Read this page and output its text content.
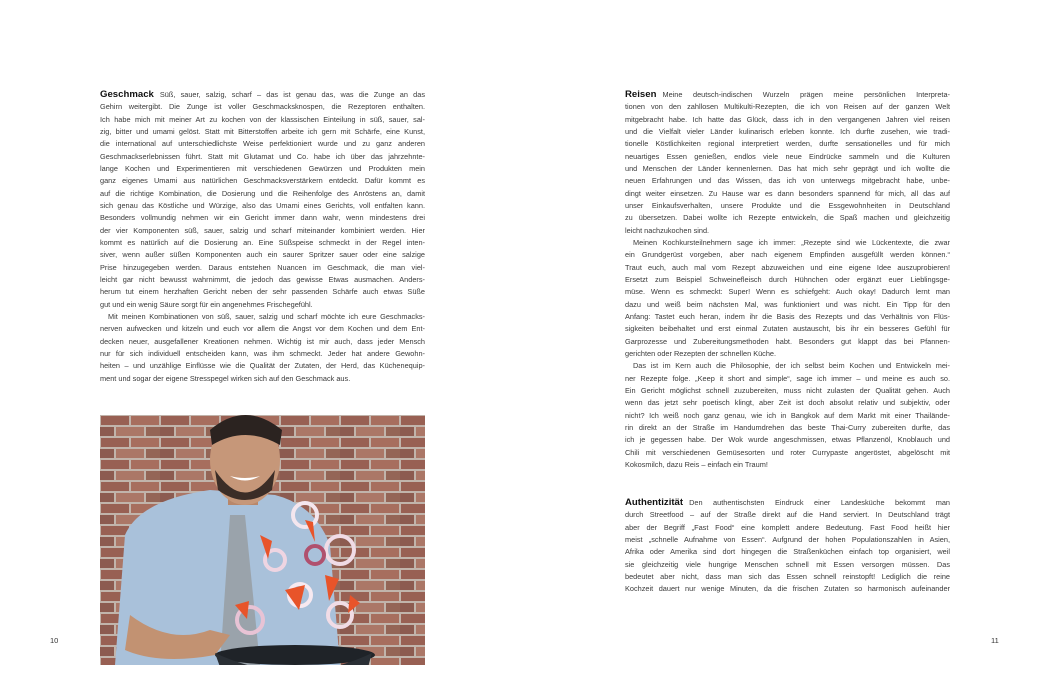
Geschmack Süß, sauer, salzig, scharf – das ist genau das, was die Zunge an das
Gehirn weitergibt. Die Zunge ist voller Geschmacksknospen, die Rezeptoren enthalten.
Ich habe mich mit meiner Art zu kochen von der klassischen Einteilung in süß, sauer, sal-
zig, bitter und umami gelöst. Statt mit Bitterstoffen arbeite ich gern mit Schärfe, eine Kunst,
die international auf unterschiedlichste Weise perfektioniert wurde und zu ganz anderen
Geschmackserlebnissen führt. Statt mit Glutamat und Co. habe ich über das jahrzehnte-
lange Kochen und Experimentieren mit verschiedenen Gewürzen und Produkten mein
ganz eigenes Umami aus natürlichen Geschmacksverstärkern entdeckt. Dafür kommt es
auf die richtige Kombination, die Dosierung und die Reihenfolge des Anröstens an, damit
sich genau das Köstliche und Würzige, also das Umami eines Gerichts, voll entfalten kann.
Besonders vollmundig nehmen wir ein Gericht immer dann wahr, wenn mindestens drei
der vier Komponenten süß, sauer, salzig und scharf miteinander kombiniert werden. Hier
kommt es natürlich auf die Dosierung an. Eine Süßspeise schmeckt in der Regel inten-
siver, wenn außer süßen Komponenten auch ein saurer Spritzer sauer oder eine salzige
Prise hinzugegeben werden. Daraus entstehen Nuancen im Geschmack, die man viel-
leicht gar nicht bewusst wahrnimmt, die jedoch das gewisse Etwas ausmachen. Anders-
herum tut einem herzhaften Gericht neben der sehr passenden Schärfe auch etwas Süße
gut und ein wenig Säure sorgt für ein angenehmes Frischegefühl.
Mit meinen Kombinationen von süß, sauer, salzig und scharf möchte ich eure Geschmacks-
nerven aufwecken und kitzeln und euch vor allem die Angst vor dem Kochen und dem Ent-
decken neuer, ausgefallener Kreationen nehmen. Wichtig ist mir auch, dass jeder Mensch
nur für sich individuell entscheiden kann, was ihm schmeckt. Jeder hat andere Gewohn-
heiten – und unzählige Einflüsse wie die Qualität der Zutaten, der Herd, das Küchenequip-
ment und sogar der eigene Stresspegel wirken sich auf den Geschmack aus.
Reisen Meine deutsch-indischen Wurzeln prägen meine persönlichen Interpreta-
tionen von den zahllosen Multikulti-Rezepten, die ich von Reisen auf der ganzen Welt
mitgebracht habe. Ich hatte das Glück, dass ich in den vergangenen Jahren viel reisen
und die Vielfalt vieler Länder kulinarisch erleben konnte. Ich durfte zusehen, wie tradi-
tionelle Köstlichkeiten regional interpretiert werden, durfte sensationelles und für mich
neuartiges Essen genießen, endlos viele neue Eindrücke sammeln und die Kulturen
und Menschen der Länder kennenlernen. Das hat mich sehr geprägt und ich wollte die
neuen Erfahrungen und das Wissen, das ich von unterwegs mitgebracht habe, unbe-
dingt weiter einsetzen. Zu Hause war es dann besonders spannend für mich, all das auf
unser Einkaufsverhalten, unsere Produkte und die Essgewohnheiten in Deutschland
zu übersetzen. Dabei wollte ich Rezepte entwickeln, die Spaß machen und gleichzeitig
leicht nachzukochen sind.
Meinen Kochkursteilnehmern sage ich immer: „Rezepte sind wie Lückentexte, die zwar
ein Grundgerüst vorgeben, aber nach eigenem Empfinden ausgefüllt werden können.“
Traut euch, auch mal vom Rezept abzuweichen und eine eigene Idee auszuprobieren!
Ersetzt zum Beispiel Schweinefleisch durch Hühnchen oder ergänzt euer Lieblingsge-
müse. Wenn es schmeckt: Super! Wenn es schiefgeht: Auch okay! Dadurch lernt man
dazu und weiß beim nächsten Mal, was funktioniert und was nicht. Ein Tipp für den
Anfang: Tastet euch heran, indem ihr die Basis des Rezepts und das Verhältnis von Flüs-
sigkeiten beibehaltet und erst einmal Zutaten austauscht, bis ihr ein besseres Gefühl für
Garprozesse und Zubereitungsmethoden habt. Besonders gut klappt das bei Pfannen-
gerichten oder Rezepten der schnellen Küche.
Das ist im Kern auch die Philosophie, der ich selbst beim Kochen und Entwickeln mei-
ner Rezepte folge. „Keep it short and simple“, sage ich immer – und meine es auch so.
Ein Gericht möglichst schnell zuzubereiten, muss nicht zulasten der Qualität gehen. Auch
wenn das jetzt sehr poetisch klingt, aber Zeit ist doch absolut relativ und subjektiv, oder
nicht? Ich weiß noch ganz genau, wie ich in Bangkok auf dem Markt mit einer Thailände-
rin direkt an der Straße im Handumdrehen das beste Thai-Curry zubereiten durfte, das
ich je gegessen habe. Der Wok wurde angeschmissen, etwas Pflanzenöl, Knoblauch und
Chili mit verschiedenen Gemüsesorten und roter Currypaste angeröstet, abgelöscht mit
Kokosmilch, dazu Reis – einfach ein Traum!
Authentizität Den authentischsten Eindruck einer Landesküche bekommt man
durch Streetfood – auf der Straße direkt auf die Hand serviert. In Deutschland trägt
aber der Begriff „Fast Food“ eine komplett andere Bedeutung. Fast Food heißt hier
meist „schnelle Aufnahme von Essen“. Aufgrund der hohen Populationszahlen in Asien,
Afrika oder Amerika sind dort hingegen die Straßenküchen einfach top organisiert, weil
sie gleichzeitig viele hungrige Menschen schnell mit Essen versorgen müssen. Das
bedeutet aber nicht, dass man sich das Essen schnell reinstopft! Lediglich die reine
Kochzeit dauert nur wenige Minuten, da die frischen Zutaten so harmonisch aufeinander
10	11
